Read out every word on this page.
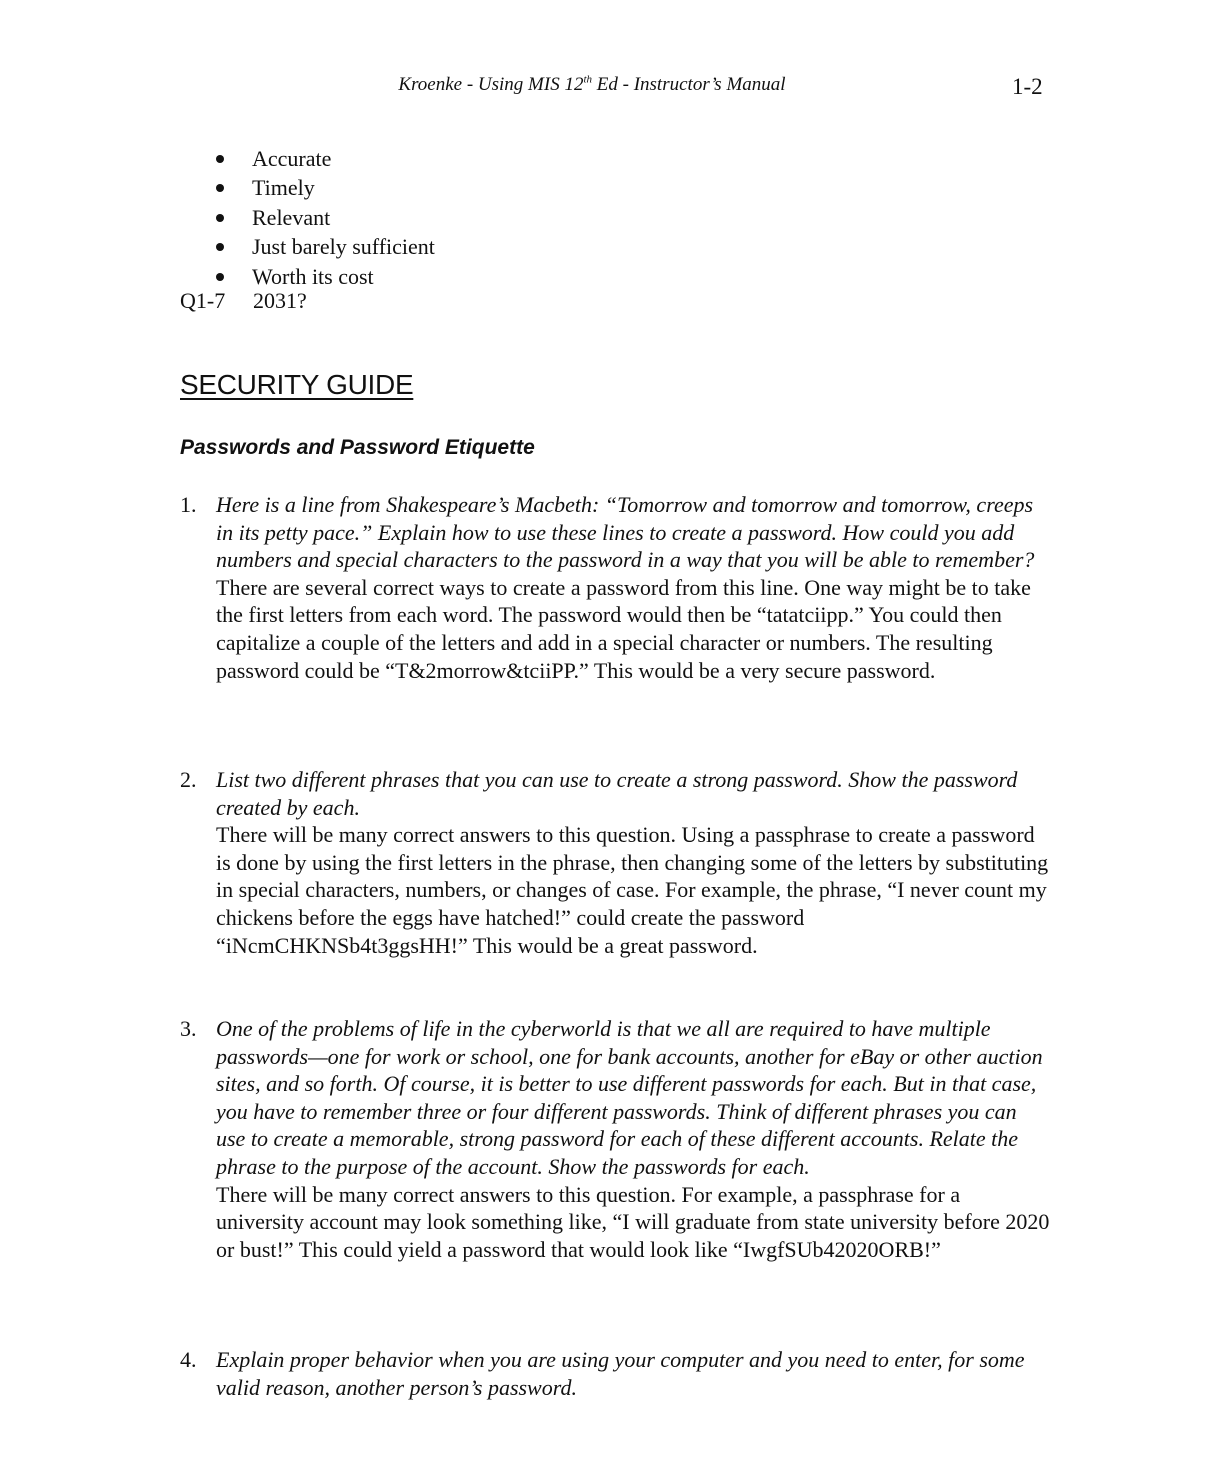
Kroenke - Using MIS 12th Ed - Instructor’s Manual	1-2
Accurate
Timely
Relevant
Just barely sufficient
Worth its cost
Q1-7 2031?
SECURITY GUIDE
Passwords and Password Etiquette
1. Here is a line from Shakespeare’s Macbeth: “Tomorrow and tomorrow and tomorrow, creeps in its petty pace.” Explain how to use these lines to create a password. How could you add numbers and special characters to the password in a way that you will be able to remember?
There are several correct ways to create a password from this line. One way might be to take the first letters from each word. The password would then be “tatatciipp.” You could then capitalize a couple of the letters and add in a special character or numbers. The resulting password could be “T&2morrow&tciiPP.” This would be a very secure password.
2. List two different phrases that you can use to create a strong password. Show the password created by each.
There will be many correct answers to this question. Using a passphrase to create a password is done by using the first letters in the phrase, then changing some of the letters by substituting in special characters, numbers, or changes of case. For example, the phrase, “I never count my chickens before the eggs have hatched!” could create the password “iNcmCHKNSb4t3ggsHH!” This would be a great password.
3. One of the problems of life in the cyberworld is that we all are required to have multiple passwords—one for work or school, one for bank accounts, another for eBay or other auction sites, and so forth. Of course, it is better to use different passwords for each. But in that case, you have to remember three or four different passwords. Think of different phrases you can use to create a memorable, strong password for each of these different accounts. Relate the phrase to the purpose of the account. Show the passwords for each.
There will be many correct answers to this question. For example, a passphrase for a university account may look something like, “I will graduate from state university before 2020 or bust!” This could yield a password that would look like “IwgfSUb42020ORB!”
4. Explain proper behavior when you are using your computer and you need to enter, for some valid reason, another person’s password.
